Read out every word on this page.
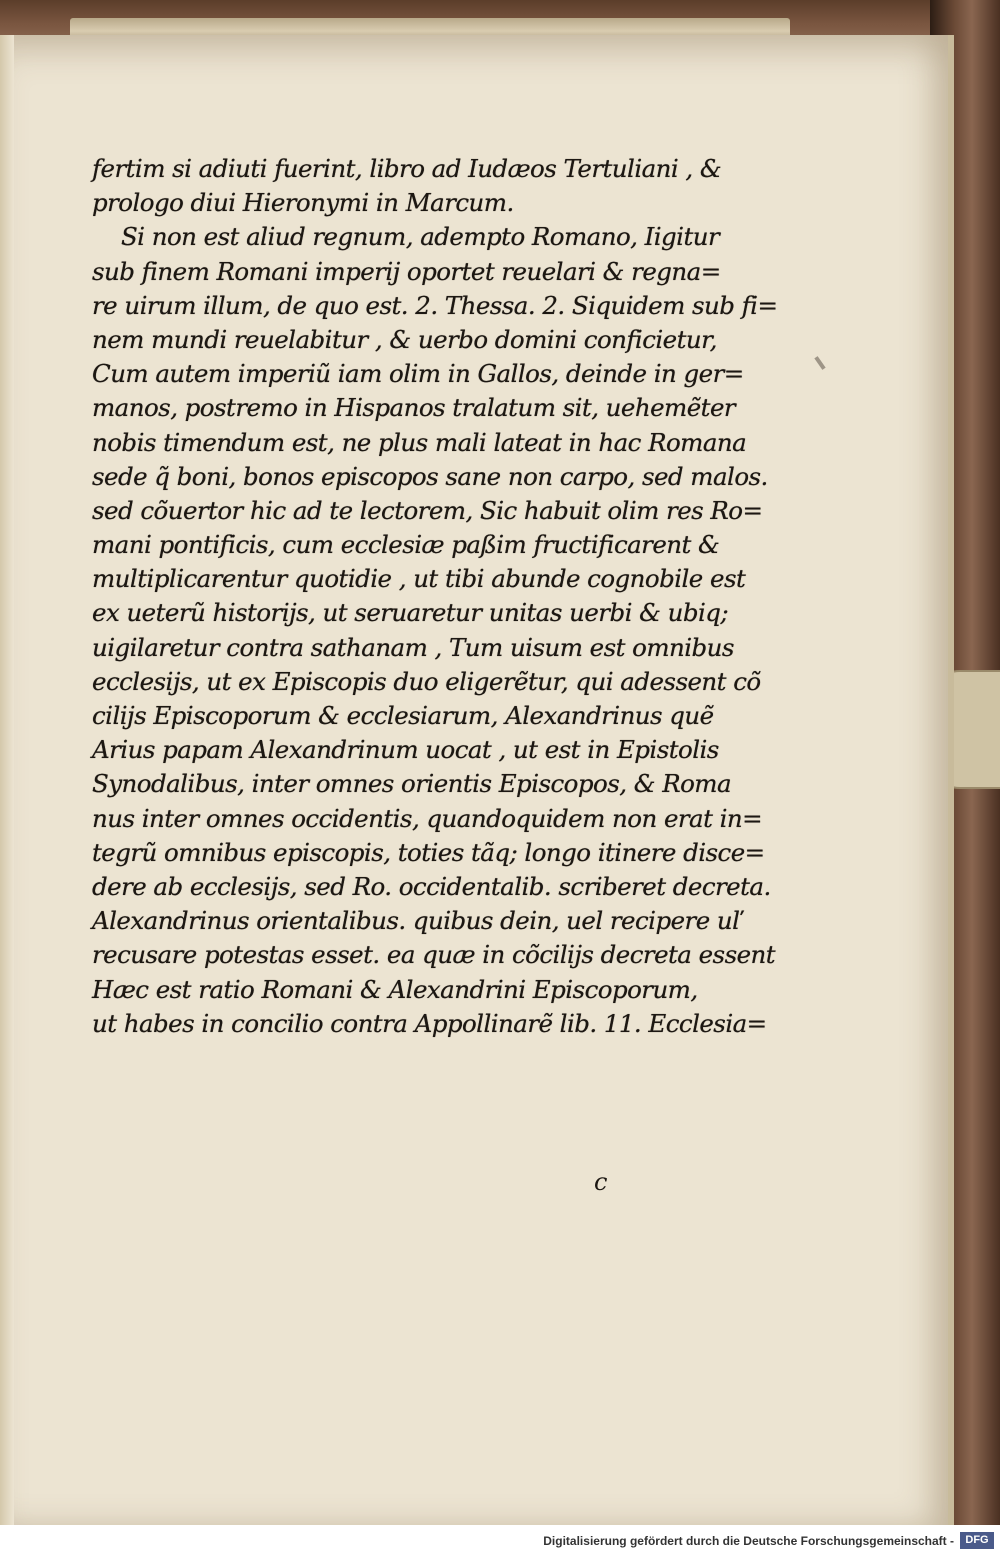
fertim si adiuti fuerint, libro ad Iudæos Tertuliani , &
prologo diui Hieronymi in Marcum.
Si non est aliud regnum, adempto Romano, Iigitur
sub finem Romani imperij oportet reuelari & regna=
re uirum illum, de quo est. 2. Thessa. 2. Siquidem sub fi=
nem mundi reuelabitur , & uerbo domini conficietur,
Cum autem imperiũ iam olim in Gallos, deinde in ger=
manos, postremo in Hispanos tralatum sit, uehemẽter
nobis timendum est, ne plus mali lateat in hac Romana
sede q̃ boni, bonos episcopos sane non carpo, sed malos.
sed cõuertor hic ad te lectorem, Sic habuit olim res Ro=
mani pontificis, cum ecclesiæ paßim fructificarent &
multiplicarentur quotidie , ut tibi abunde cognobile est
ex ueterũ historijs, ut seruaretur unitas uerbi & ubiq;
uigilaretur contra sathanam , Tum uisum est omnibus
ecclesijs, ut ex Episcopis duo eligerẽtur, qui adessent cõ
cilijs Episcoporum & ecclesiarum, Alexandrinus quẽ
Arius papam Alexandrinum uocat , ut est in Epistolis
Synodalibus, inter omnes orientis Episcopos, & Roma
nus inter omnes occidentis, quandoquidem non erat in=
tegrũ omnibus episcopis, toties tãq; longo itinere disce=
dere ab ecclesijs, sed Ro. occidentalib. scriberet decreta.
Alexandrinus orientalibus. quibus dein, uel recipere uľ
recusare potestas esset. ea quæ in cõcilijs decreta essent
Hæc est ratio Romani & Alexandrini Episcoporum,
ut habes in concilio contra Appollinarẽ lib. 11. Ecclesia=
c
Digitalisierung gefördert durch die Deutsche Forschungsgemeinschaft -	DFG
